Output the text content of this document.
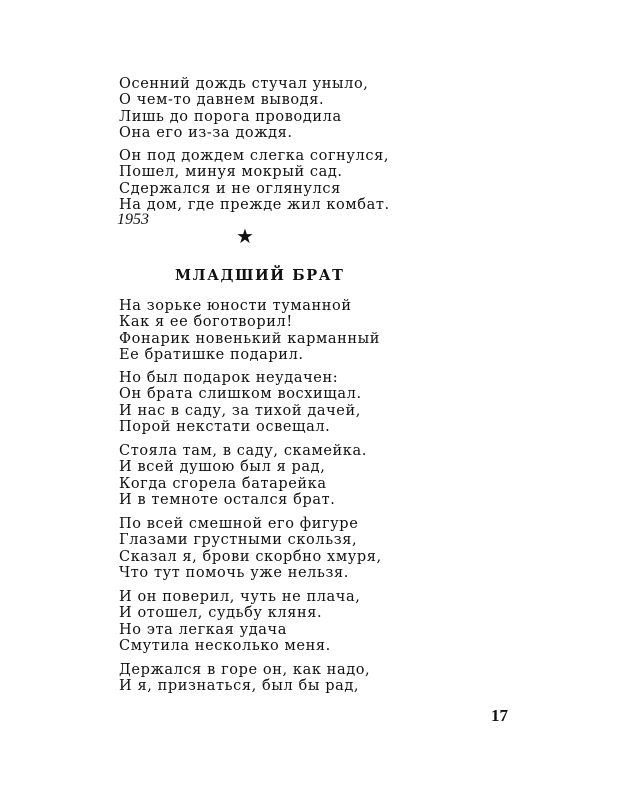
Осенний дождь стучал уныло,
О чем-то давнем выводя.
Лишь до порога проводила
Она его из-за дождя.
Он под дождем слегка согнулся,
Пошел, минуя мокрый сад.
Сдержался и не оглянулся
На дом, где прежде жил комбат.
1953
★
МЛАДШИЙ БРАТ
На зорьке юности туманной
Как я ее боготворил!
Фонарик новенький карманный
Ее братишке подарил.
Но был подарок неудачен:
Он брата слишком восхищал.
И нас в саду, за тихой дачей,
Порой некстати освещал.
Стояла там, в саду, скамейка.
И всей душою был я рад,
Когда сгорела батарейка
И в темноте остался брат.
По всей смешной его фигуре
Глазами грустными скользя,
Сказал я, брови скорбно хмуря,
Что тут помочь уже нельзя.
И он поверил, чуть не плача,
И отошел, судьбу кляня.
Но эта легкая удача
Смутила несколько меня.
Держался в горе он, как надо,
И я, признаться, был бы рад,
17
